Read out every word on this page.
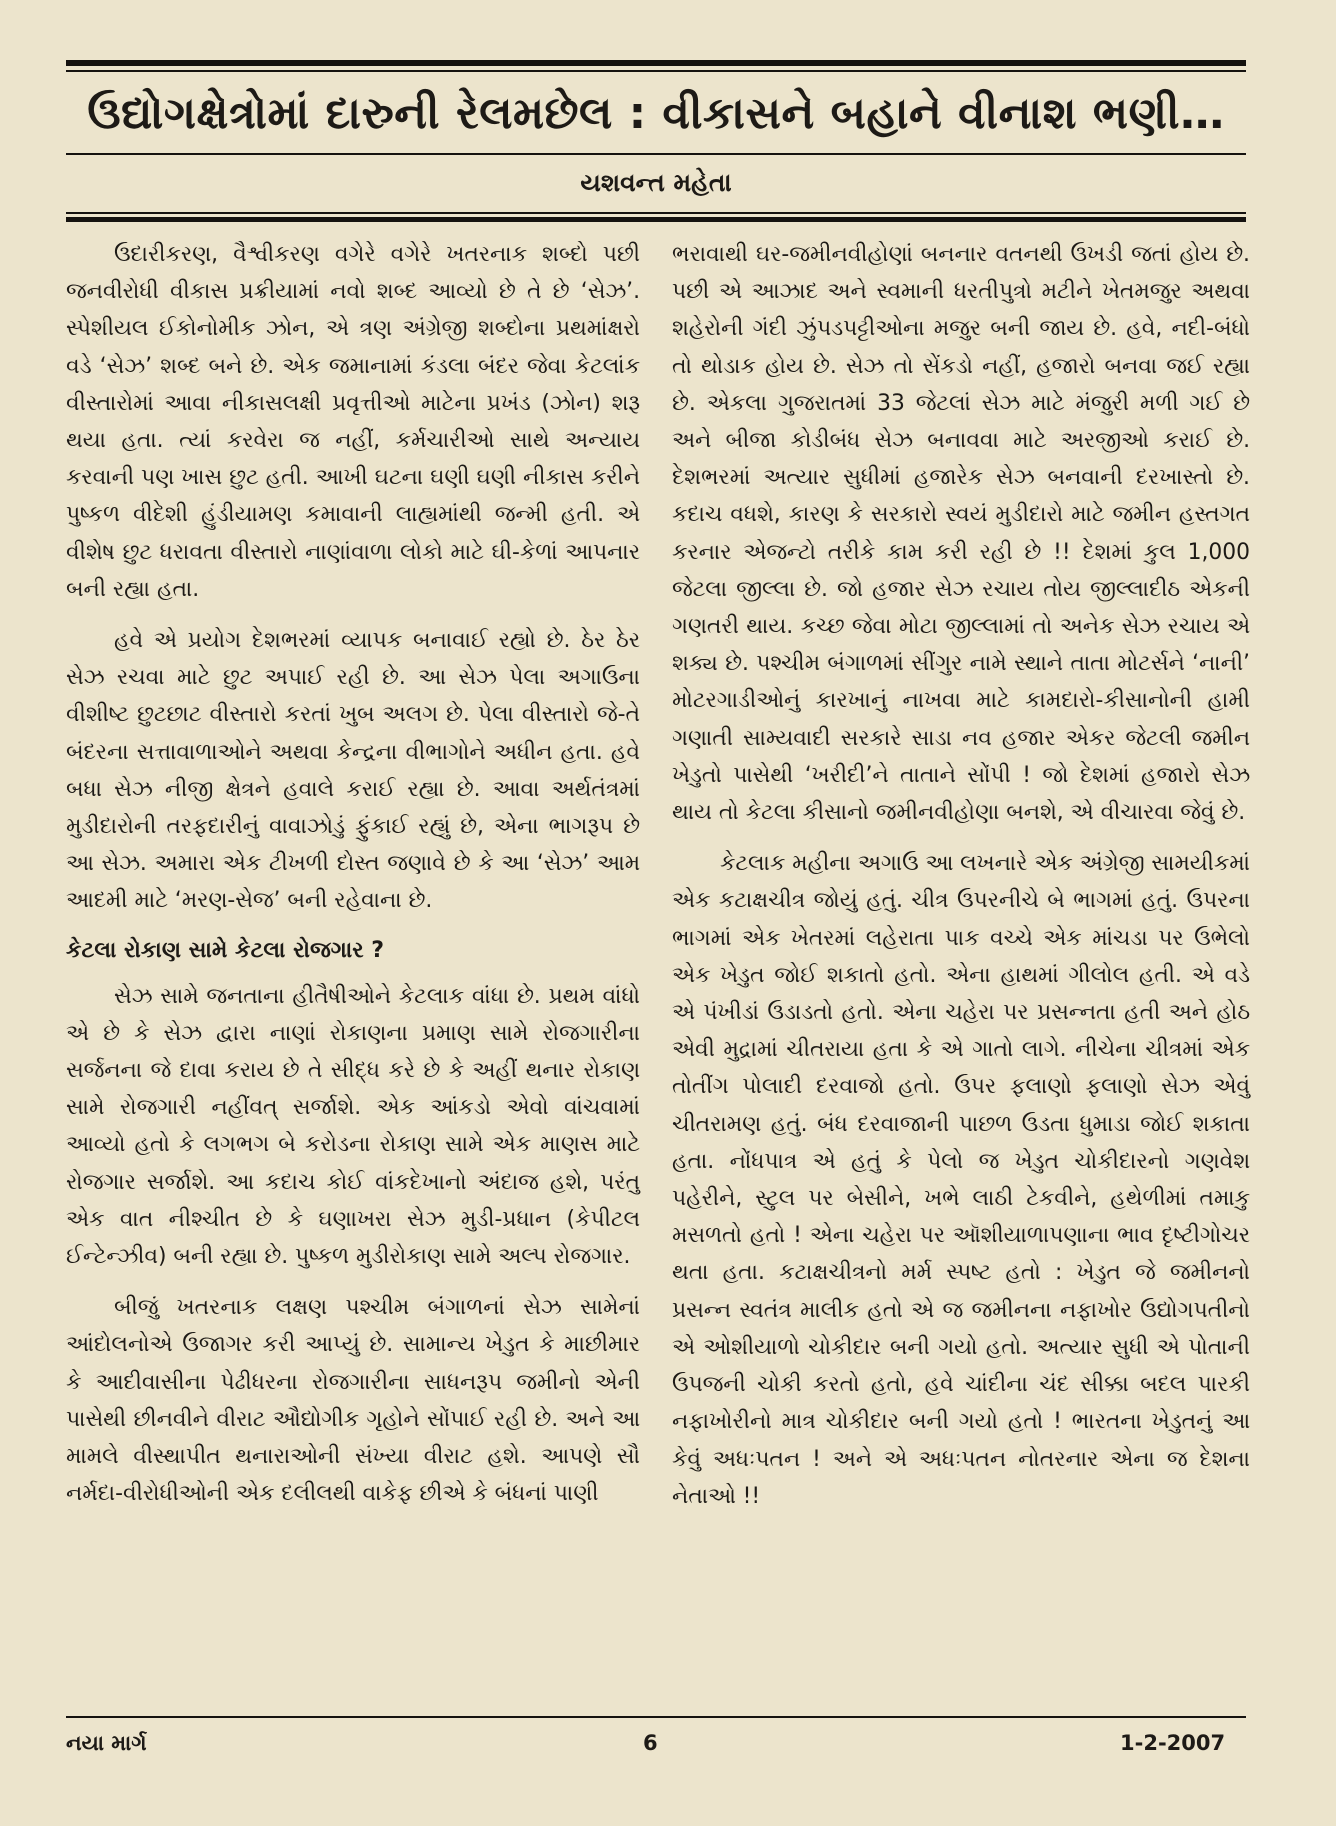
ઉદ્યોગક્ષેત્રોમાં દારુની રેલમછેલ : વીકાસને બહાને વીનાશ ભણી…
યશવન્ત મહેતા

ઉદારીકરણ, વૈશ્વીકરણ વગેરે વગેરે ખતરનાક શબ્દો પછી જનવીરોધી વીકાસ પ્રક્રીયામાં નવો શબ્દ આવ્યો છે તે છે ‘સેઝ’. સ્પેશીયલ ઈકોનોમીક ઝોન, એ ત્રણ અંગ્રેજી શબ્દોના પ્રથમાંક્ષરો વડે ‘સેઝ’ શબ્દ બને છે. એક જમાનામાં કંડલા બંદર જેવા કેટલાંક વીસ્તારોમાં આવા નીકાસલક્ષી પ્રવૃત્તીઓ માટેના પ્રખંડ (ઝોન) શરૂ થયા હતા. ત્યાં કરવેરા જ નહીં, કર્મચારીઓ સાથે અન્યાય કરવાની પણ ખાસ છુટ હતી. આખી ઘટના ઘણી ઘણી નીકાસ કરીને પુષ્કળ વીદેશી હુંડીયામણ કમાવાની લાહ્યમાંથી જન્મી હતી. એ વીશેષ છુટ ધરાવતા વીસ્તારો નાણાંવાળા લોકો માટે ઘી-કેળાં આપનાર બની રહ્યા હતા.

હવે એ પ્રયોગ દેશભરમાં વ્યાપક બનાવાઈ રહ્યો છે. ઠેર ઠેર સેઝ રચવા માટે છુટ અપાઈ રહી છે. આ સેઝ પેલા અગાઉના વીશીષ્ટ છુટછાટ વીસ્તારો કરતાં ખુબ અલગ છે. પેલા વીસ્તારો જે-તે બંદરના સત્તાવાળાઓને અથવા કેન્દ્રના વીભાગોને અધીન હતા. હવે બધા સેઝ નીજી ક્ષેત્રને હવાલે કરાઈ રહ્યા છે. આવા અર્થતંત્રમાં મુડીદારોની તરફદારીનું વાવાઝોડું ફુંકાઈ રહ્યું છે, એના ભાગરૂપ છે આ સેઝ. અમારા એક ટીખળી દોસ્ત જણાવે છે કે આ ‘સેઝ’ આમ આદમી માટે ‘મરણ-સેજ’ બની રહેવાના છે.

કેટલા રોકાણ સામે કેટલા રોજગાર ?

સેઝ સામે જનતાના હીતૈષીઓને કેટલાક વાંધા છે. પ્રથમ વાંધો એ છે કે સેઝ દ્વારા નાણાં રોકાણના પ્રમાણ સામે રોજગારીના સર્જનના જે દાવા કરાય છે તે સીદ્ધ કરે છે કે અહીં થનાર રોકાણ સામે રોજગારી નહીંવત્ સર્જાશે. એક આંકડો એવો વાંચવામાં આવ્યો હતો કે લગભગ બે કરોડના રોકાણ સામે એક માણસ માટે રોજગાર સર્જાશે. આ કદાચ કોઈ વાંકદેખાનો અંદાજ હશે, પરંતુ એક વાત નીશ્ચીત છે કે ઘણાખરા સેઝ મુડી-પ્રધાન (કેપીટલ ઈન્ટેન્ઝીવ) બની રહ્યા છે. પુષ્કળ મુડીરોકાણ સામે અલ્પ રોજગાર.

બીજું ખતરનાક લક્ષણ પશ્ચીમ બંગાળનાં સેઝ સામેનાં આંદોલનોએ ઉજાગર કરી આપ્યું છે. સામાન્ય ખેડુત કે માછીમાર કે આદીવાસીના પેઢીધરના રોજગારીના સાધનરૂપ જમીનો એની પાસેથી છીનવીને વીરાટ ઔદ્યોગીક ગૃહોને સોંપાઈ રહી છે. અને આ મામલે વીસ્થાપીત થનારાઓની સંખ્યા વીરાટ હશે. આપણે સૌ નર્મદા-વીરોધીઓની એક દલીલથી વાકેફ છીએ કે બંધનાં પાણી

ભરાવાથી ઘર-જમીનવીહોણાં બનનાર વતનથી ઉખડી જતાં હોય છે. પછી એ આઝાદ અને સ્વમાની ધરતીપુત્રો મટીને ખેતમજુર અથવા શહેરોની ગંદી ઝુંપડપટ્ટીઓના મજુર બની જાય છે. હવે, નદી-બંધો તો થોડાક હોય છે. સેઝ તો સેંકડો નહીં, હજારો બનવા જઈ રહ્યા છે. એકલા ગુજરાતમાં 33 જેટલાં સેઝ માટે મંજુરી મળી ગઈ છે અને બીજા કોડીબંધ સેઝ બનાવવા માટે અરજીઓ કરાઈ છે. દેશભરમાં અત્યાર સુધીમાં હજારેક સેઝ બનવાની દરખાસ્તો છે. કદાચ વધશે, કારણ કે સરકારો સ્વયં મુડીદારો માટે જમીન હસ્તગત કરનાર એજન્ટો તરીકે કામ કરી રહી છે !! દેશમાં કુલ 1,000 જેટલા જીલ્લા છે. જો હજાર સેઝ રચાય તોય જીલ્લાદીઠ એકની ગણતરી થાય. કચ્છ જેવા મોટા જીલ્લામાં તો અનેક સેઝ રચાય એ શક્ય છે. પશ્ચીમ બંગાળમાં સીંગુર નામે સ્થાને તાતા મોટર્સને ‘નાની’ મોટરગાડીઓનું કારખાનું નાખવા માટે કામદારો-કીસાનોની હામી ગણાતી સામ્યવાદી સરકારે સાડા નવ હજાર એકર જેટલી જમીન ખેડુતો પાસેથી ‘ખરીદી’ને તાતાને સોંપી ! જો દેશમાં હજારો સેઝ થાય તો કેટલા કીસાનો જમીનવીહોણા બનશે, એ વીચારવા જેવું છે.

કેટલાક મહીના અગાઉ આ લખનારે એક અંગ્રેજી સામયીકમાં એક કટાક્ષચીત્ર જોયું હતું. ચીત્ર ઉપરનીચે બે ભાગમાં હતું. ઉપરના ભાગમાં એક ખેતરમાં લહેરાતા પાક વચ્ચે એક માંચડા પર ઉભેલો એક ખેડુત જોઈ શકાતો હતો. એના હાથમાં ગીલોલ હતી. એ વડે એ પંખીડાં ઉડાડતો હતો. એના ચહેરા પર પ્રસન્નતા હતી અને હોઠ એવી મુદ્રામાં ચીતરાયા હતા કે એ ગાતો લાગે. નીચેના ચીત્રમાં એક તોતીંગ પોલાદી દરવાજો હતો. ઉપર ફલાણો ફલાણો સેઝ એવું ચીતરામણ હતું. બંધ દરવાજાની પાછળ ઉડતા ધુમાડા જોઈ શકાતા હતા. નોંધપાત્ર એ હતું કે પેલો જ ખેડુત ચોકીદારનો ગણવેશ પહેરીને, સ્ટુલ પર બેસીને, ખભે લાઠી ટેકવીને, હથેળીમાં તમાકુ મસળતો હતો ! એના ચહેરા પર ઑશીયાળાપણાના ભાવ દૃષ્ટીગોચર થતા હતા. કટાક્ષચીત્રનો મર્મ સ્પષ્ટ હતો : ખેડુત જે જમીનનો પ્રસન્ન સ્વતંત્ર માલીક હતો એ જ જમીનના નફાખોર ઉદ્યોગપતીનો એ ઓશીયાળો ચોકીદાર બની ગયો હતો. અત્યાર સુધી એ પોતાની ઉપજની ચોકી કરતો હતો, હવે ચાંદીના ચંદ સીક્કા બદલ પારકી નફાખોરીનો માત્ર ચોકીદાર બની ગયો હતો ! ભારતના ખેડુતનું આ કેવું અધઃપતન ! અને એ અધઃપતન નોતરનાર એના જ દેશના નેતાઓ !!

નયા માર્ગ	6	1-2-2007
